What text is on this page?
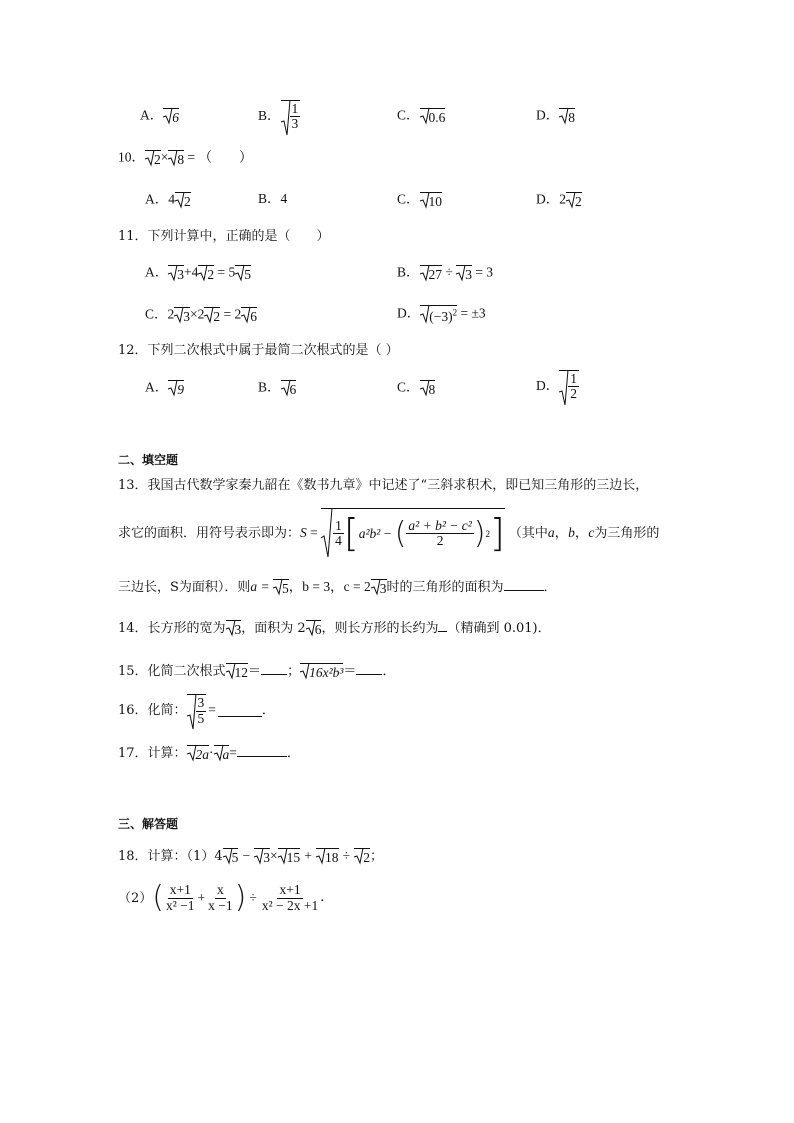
A． 6	B． $\frac{1}{3}$	C． 0.6	D． 8
10． 2× 8 = （　　）
A．4 2	B．4	C． 10	D．2 2
11．下列计算中，正确的是（　　）
A． 3+4 2 = 5 5	B． 27 ÷ 3 = 3
C．2 3×2 2 = 2 6	D． $(-3)^2 = \pm 3$
12．下列二次根式中属于最简二次根式的是（ ）
A． 9	B． 6	C． 8	D． $\frac{1}{2}$
二、填空题
13．我国古代数学家秦九韶在《数书九章》中记述了“三斜求积术，即已知三角形的三边长，
求它的面积．用符号表示即为： S
=
$\frac{1}{4}$ [ a²b²
−
( $\frac{\text{a² + b² − c²}}{2}$ ) 2 ] （其中 a ， b ， c 为三角形的
三边长，S为面积）．则a =
5，b = 3，c = 2 3时的三角形的面积为	．
14．长方形的宽为 3，面积为 2 6，则长方形的长约为 （精确到 0.01)．
15．化简二次根式 12＝ ； 16x²b³＝ ．
16．化简： $\frac{3}{5}$ =	．
17．计算： 2a· a=	．
三、解答题
18．计算：（1）4 5 − 3× 15 + 18 ÷ 2；
（2） ( $\frac{x+1}{\text{x² −1}} + \frac{x}{x -1}$ ) ÷ $\frac{x+1}{\text{x² − 2x +1}}$ ．
